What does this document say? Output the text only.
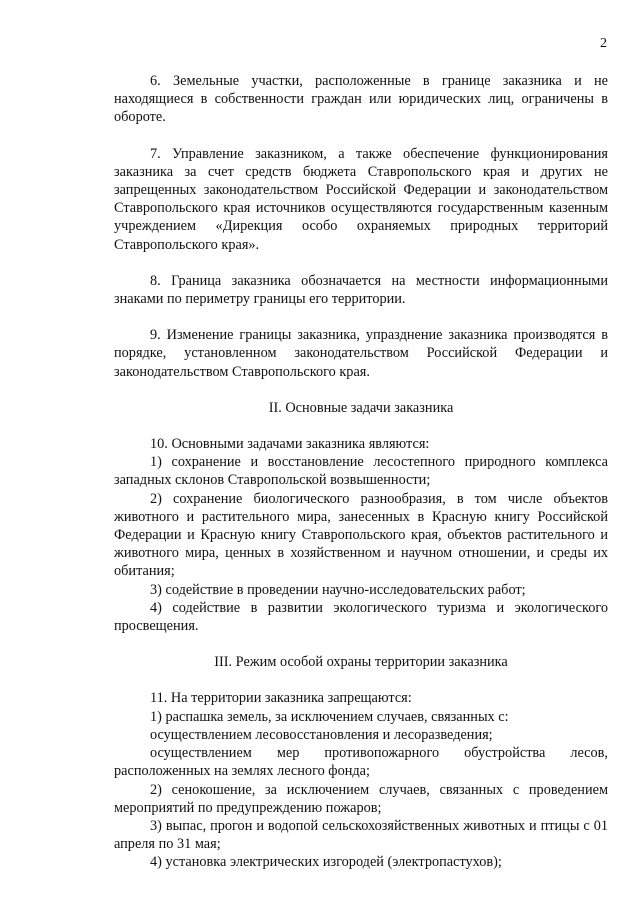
2

6. Земельные участки, расположенные в границе заказника и не находящиеся в собственности граждан или юридических лиц, ограничены в обороте.

7. Управление заказником, а также обеспечение функционирования заказника за счет средств бюджета Ставропольского края и других не запрещенных законодательством Российской Федерации и законодательством Ставропольского края источников осуществляются государственным казенным учреждением «Дирекция особо охраняемых природных территорий Ставропольского края».

8. Граница заказника обозначается на местности информационными знаками по периметру границы его территории.

9. Изменение границы заказника, упразднение заказника производятся в порядке, установленном законодательством Российской Федерации и законодательством Ставропольского края.

II. Основные задачи заказника

10. Основными задачами заказника являются:

1) сохранение и восстановление лесостепного природного комплекса западных склонов Ставропольской возвышенности;

2) сохранение биологического разнообразия, в том числе объектов животного и растительного мира, занесенных в Красную книгу Российской Федерации и Красную книгу Ставропольского края, объектов растительного и животного мира, ценных в хозяйственном и научном отношении, и среды их обитания;

3) содействие в проведении научно-исследовательских работ;

4) содействие в развитии экологического туризма и экологического просвещения.

III. Режим особой охраны территории заказника

11. На территории заказника запрещаются:

1) распашка земель, за исключением случаев, связанных с:

осуществлением лесовосстановления и лесоразведения;

осуществлением мер противопожарного обустройства лесов, расположенных на землях лесного фонда;

2) сенокошение, за исключением случаев, связанных с проведением мероприятий по предупреждению пожаров;

3) выпас, прогон и водопой сельскохозяйственных животных и птицы с 01 апреля по 31 мая;

4) установка электрических изгородей (электропастухов);
